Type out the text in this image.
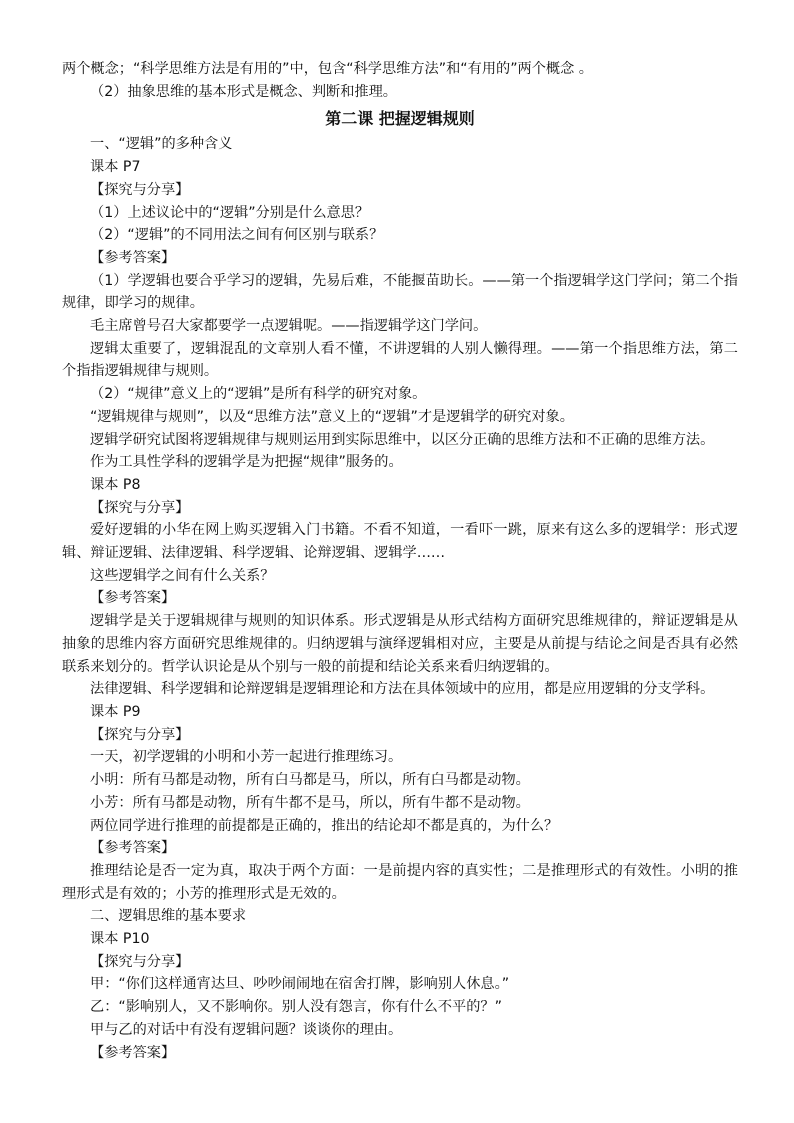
两个概念；“科学思维方法是有用的”中，包含“科学思维方法”和“有用的”两个概念 。
（2）抽象思维的基本形式是概念、判断和推理。
第二课 把握逻辑规则
一、“逻辑”的多种含义
课本 P7
【探究与分享】
（1）上述议论中的“逻辑”分别是什么意思？
（2）“逻辑”的不同用法之间有何区别与联系？
【参考答案】
（1）学逻辑也要合乎学习的逻辑，先易后难，不能揠苗助长。——第一个指逻辑学这门学问；第二个指规律，即学习的规律。
毛主席曾号召大家都要学一点逻辑呢。——指逻辑学这门学问。
逻辑太重要了，逻辑混乱的文章别人看不懂，不讲逻辑的人别人懒得理。——第一个指思维方法，第二个指指逻辑规律与规则。
（2）“规律”意义上的“逻辑”是所有科学的研究对象。
“逻辑规律与规则”，以及“思维方法”意义上的“逻辑”才是逻辑学的研究对象。
逻辑学研究试图将逻辑规律与规则运用到实际思维中，以区分正确的思维方法和不正确的思维方法。
作为工具性学科的逻辑学是为把握“规律”服务的。
课本 P8
【探究与分享】
爱好逻辑的小华在网上购买逻辑入门书籍。不看不知道，一看吓一跳，原来有这么多的逻辑学：形式逻辑、辩证逻辑、法律逻辑、科学逻辑、论辩逻辑、逻辑学……
这些逻辑学之间有什么关系？
【参考答案】
逻辑学是关于逻辑规律与规则的知识体系。形式逻辑是从形式结构方面研究思维规律的，辩证逻辑是从抽象的思维内容方面研究思维规律的。归纳逻辑与演绎逻辑相对应，主要是从前提与结论之间是否具有必然联系来划分的。哲学认识论是从个别与一般的前提和结论关系来看归纳逻辑的。
法律逻辑、科学逻辑和论辩逻辑是逻辑理论和方法在具体领域中的应用，都是应用逻辑的分支学科。
课本 P9
【探究与分享】
一天，初学逻辑的小明和小芳一起进行推理练习。
小明：所有马都是动物，所有白马都是马，所以，所有白马都是动物。
小芳：所有马都是动物，所有牛都不是马，所以，所有牛都不是动物。
两位同学进行推理的前提都是正确的，推出的结论却不都是真的，为什么？
【参考答案】
推理结论是否一定为真，取决于两个方面：一是前提内容的真实性；二是推理形式的有效性。小明的推理形式是有效的；小芳的推理形式是无效的。
二、逻辑思维的基本要求
课本 P10
【探究与分享】
甲：“你们这样通宵达旦、吵吵闹闹地在宿舍打牌，影响别人休息。”
乙：“影响别人，又不影响你。别人没有怨言，你有什么不平的？”
甲与乙的对话中有没有逻辑问题？谈谈你的理由。
【参考答案】
